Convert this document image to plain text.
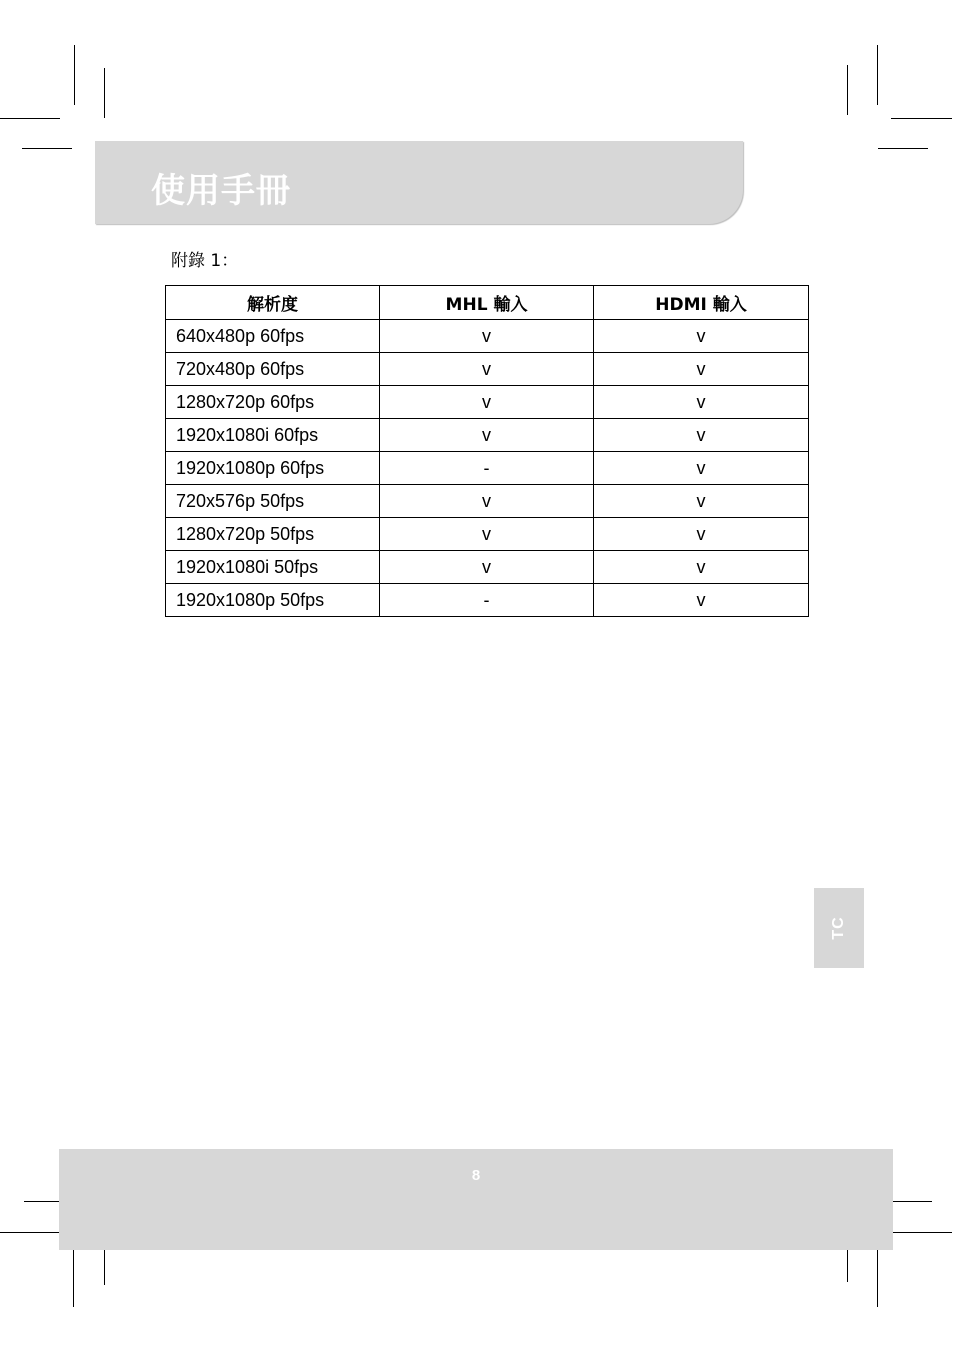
使用手冊
附錄 1：
解析度	MHL 輸入	HDMI 輸入
640x480p 60fps	v	v
720x480p 60fps	v	v
1280x720p 60fps	v	v
1920x1080i 60fps	v	v
1920x1080p 60fps	-	v
720x576p 50fps	v	v
1280x720p 50fps	v	v
1920x1080i 50fps	v	v
1920x1080p 50fps	-	v
TC
8
